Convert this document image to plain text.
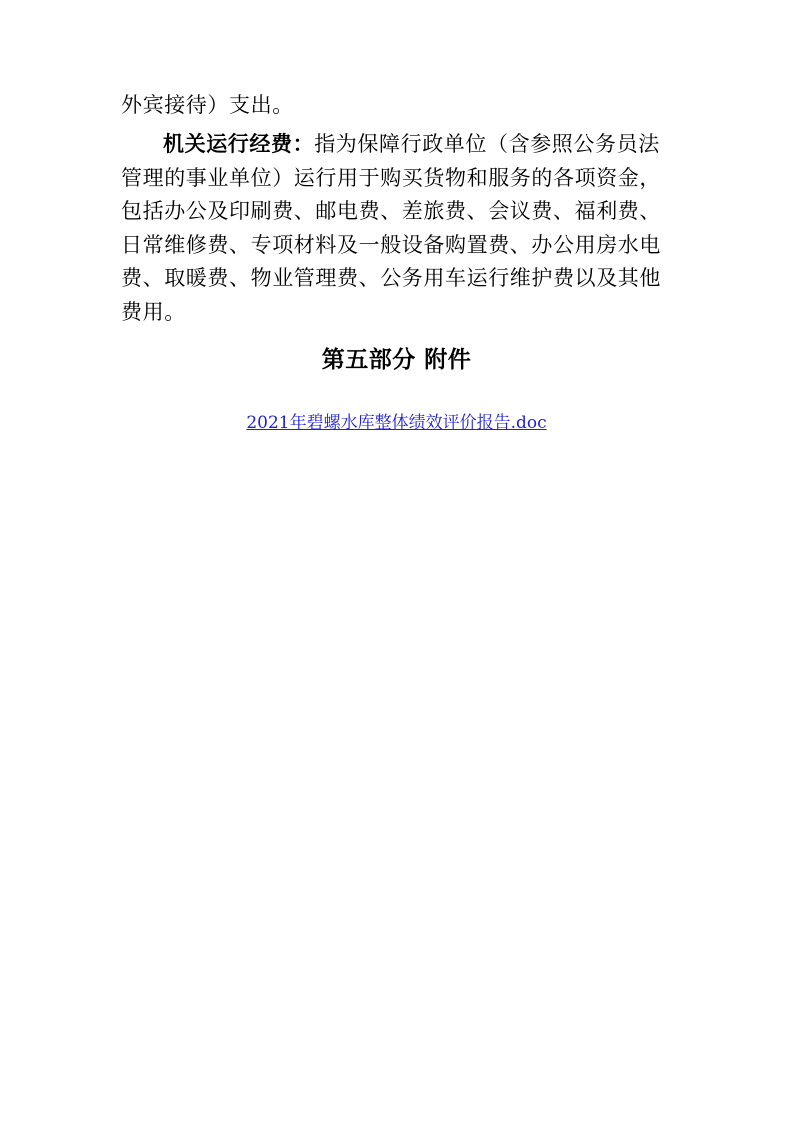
外宾接待）支出。
机关运行经费：指为保障行政单位（含参照公务员法
管理的事业单位）运行用于购买货物和服务的各项资金，
包括办公及印刷费、邮电费、差旅费、会议费、福利费、
日常维修费、专项材料及一般设备购置费、办公用房水电
费、取暖费、物业管理费、公务用车运行维护费以及其他
费用。
第五部分 附件
2021年碧螺水库整体绩效评价报告.doc
